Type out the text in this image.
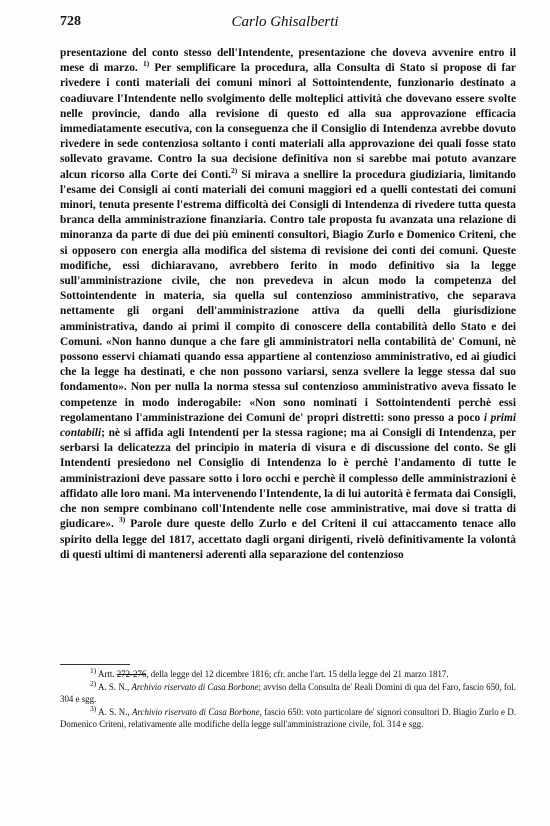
728	Carlo Ghisalberti

presentazione del conto stesso dell'Intendente, presentazione che doveva avvenire entro il mese di marzo. $^{1)}$ Per semplificare la procedura, alla Consulta di Stato si propose di far rivedere i conti materiali dei comuni minori al Sottointendente, funzionario destinato a coadiuvare l'Intendente nello svolgimento delle molteplici attività che dovevano essere svolte nelle provincie, dando alla revisione di questo ed alla sua approvazione efficacia immediatamente esecutiva, con la conseguenza che il Consiglio di Intendenza avrebbe dovuto rivedere in sede contenziosa soltanto i conti materiali alla approvazione dei quali fosse stato sollevato gravame. Contro la sua decisione definitiva non si sarebbe mai potuto avanzare alcun ricorso alla Corte dei Conti.$^{2)}$ Si mirava a snellire la procedura giudiziaria, limitando l'esame dei Consigli ai conti materiali dei comuni maggiori ed a quelli contestati dei comuni minori, tenuta presente l'estrema difficoltà dei Consigli di Intendenza di rivedere tutta questa branca della amministrazione finanziaria. Contro tale proposta fu avanzata una relazione di minoranza da parte di due dei più eminenti consultori, Biagio Zurlo e Domenico Criteni, che si opposero con energia alla modifica del sistema di revisione dei conti dei comuni. Queste modifiche, essi dichiaravano, avrebbero ferito in modo definitivo sia la legge sull'amministrazione civile, che non prevedeva in alcun modo la competenza del Sottointendente in materia, sia quella sul contenzioso amministrativo, che separava nettamente gli organi dell'amministrazione attiva da quelli della giurisdizione amministrativa, dando ai primi il compito di conoscere della contabilità dello Stato e dei Comuni. «Non hanno dunque a che fare gli amministratori nella contabilità de' Comuni, nè possono esservi chiamati quando essa appartiene al contenzioso amministrativo, ed ai giudici che la legge ha destinati, e che non possono variarsi, senza svellere la legge stessa dal suo fondamento». Non per nulla la norma stessa sul contenzioso amministrativo aveva fissato le competenze in modo inderogabile: «Non sono nominati i Sottointendenti perchè essi regolamentano l'amministrazione dei Comuni de' propri distretti: sono presso a poco i primi contabili; nè si affida agli Intendenti per la stessa ragione; ma ai Consigli di Intendenza, per serbarsi la delicatezza del principio in materia di visura e di discussione del conto. Se gli Intendenti presiedono nel Consiglio di Intendenza lo è perchè l'andamento di tutte le amministrazioni deve passare sotto i loro occhi e perchè il complesso delle amministrazioni è affidato alle loro mani. Ma intervenendo l'Intendente, la di lui autorità è fermata dai Consigli, che non sempre combinano coll'Intendente nelle cose amministrative, mai dove si tratta di giudicare». $^{3)}$ Parole dure queste dello Zurlo e del Criteni il cui attaccamento tenace allo spirito della legge del 1817, accettato dagli organi dirigenti, rivelò definitivamente la volontà di questi ultimi di mantenersi aderenti alla separazione del contenzioso

$^{1)}$ Artt. 272-276, della legge del 12 dicembre 1816; cfr. anche l'art. 15 della legge del 21 marzo 1817.

$^{2)}$ A. S. N., Archivio riservato di Casa Borbone; avviso della Consulta de' Reali Domini di qua del Faro, fascio 650, fol. 304 e sgg.

$^{3)}$ A. S. N., Archivio riservato di Casa Borbone, fascio 650: voto particolare de' signori consultori D. Biagio Zurlo e D. Domenico Criteni, relativamente alle modifiche della legge sull'amministrazione civile, fol. 314 e sgg.
